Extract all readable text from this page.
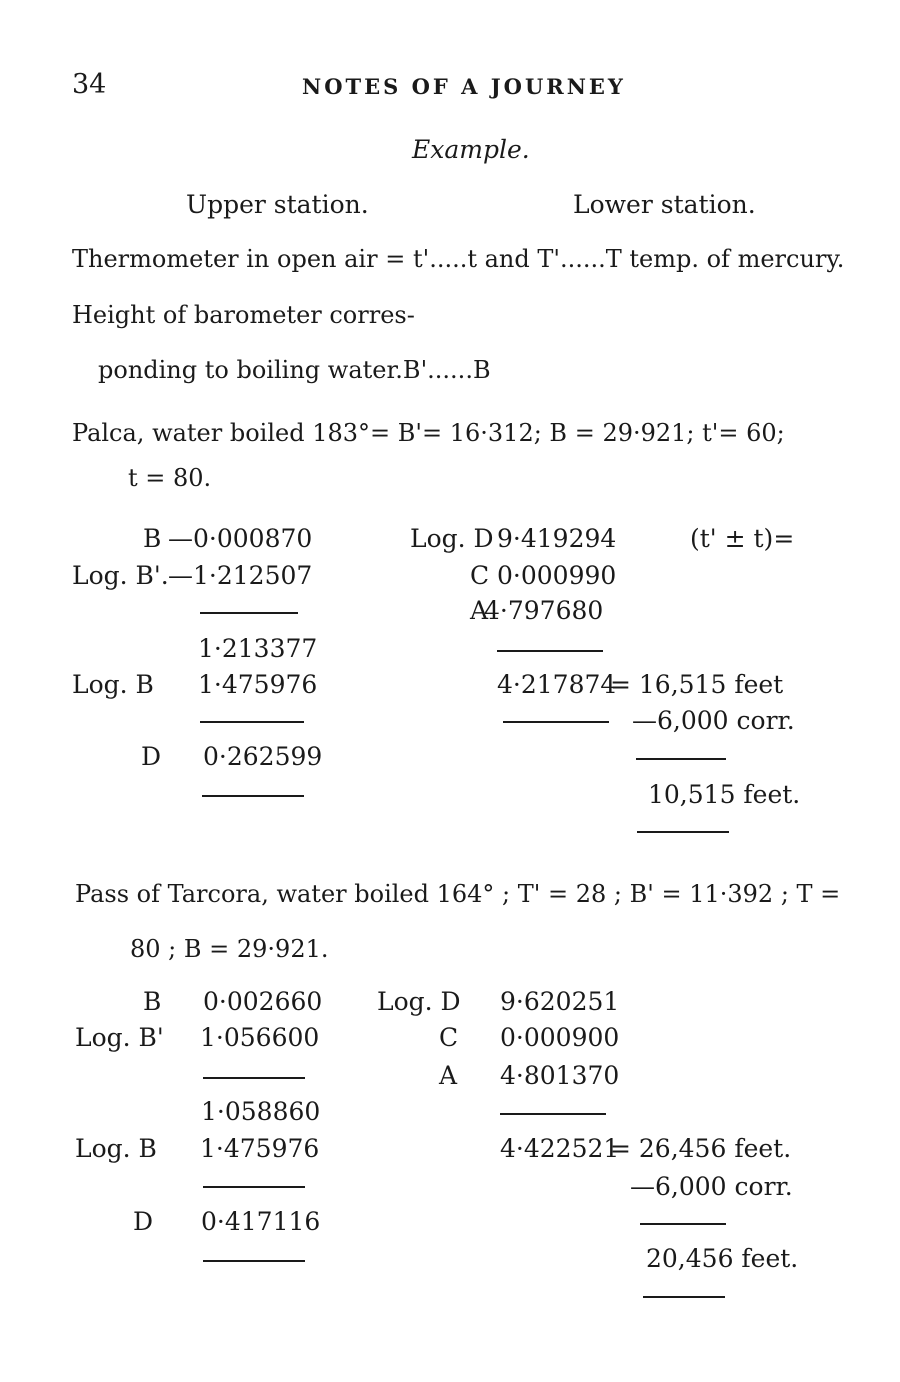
34	NOTES OF A JOURNEY
Example.
Upper station.	Lower station.
Thermometer in open air = t'.....t and T'......T temp. of mercury.
Height of barometer corres-
ponding to boiling water.B'......B
Palca, water boiled 183°= B'= 16·312; B = 29·921; t'= 60;
t = 80.
B —0·000870
Log. B'. —1·212507
1·213377
Log. B 1·475976
D 0·262599
Log. D 9·419294
C 0·000990
A
4·797680
4·217874
(t' ± t)=
= 16,515 feet
—6,000 corr.
10,515 feet.
Pass of Tarcora, water boiled 164° ; T' = 28 ; B' = 11·392 ; T =
80 ; B = 29·921.
B 0·002660
Log. B' 1·056600
1·058860
Log. B 1·475976
D 0·417116
Log. D 9·620251
C 0·000900
A 4·801370
4·422521
= 26,456 feet.
—6,000 corr.
20,456 feet.
